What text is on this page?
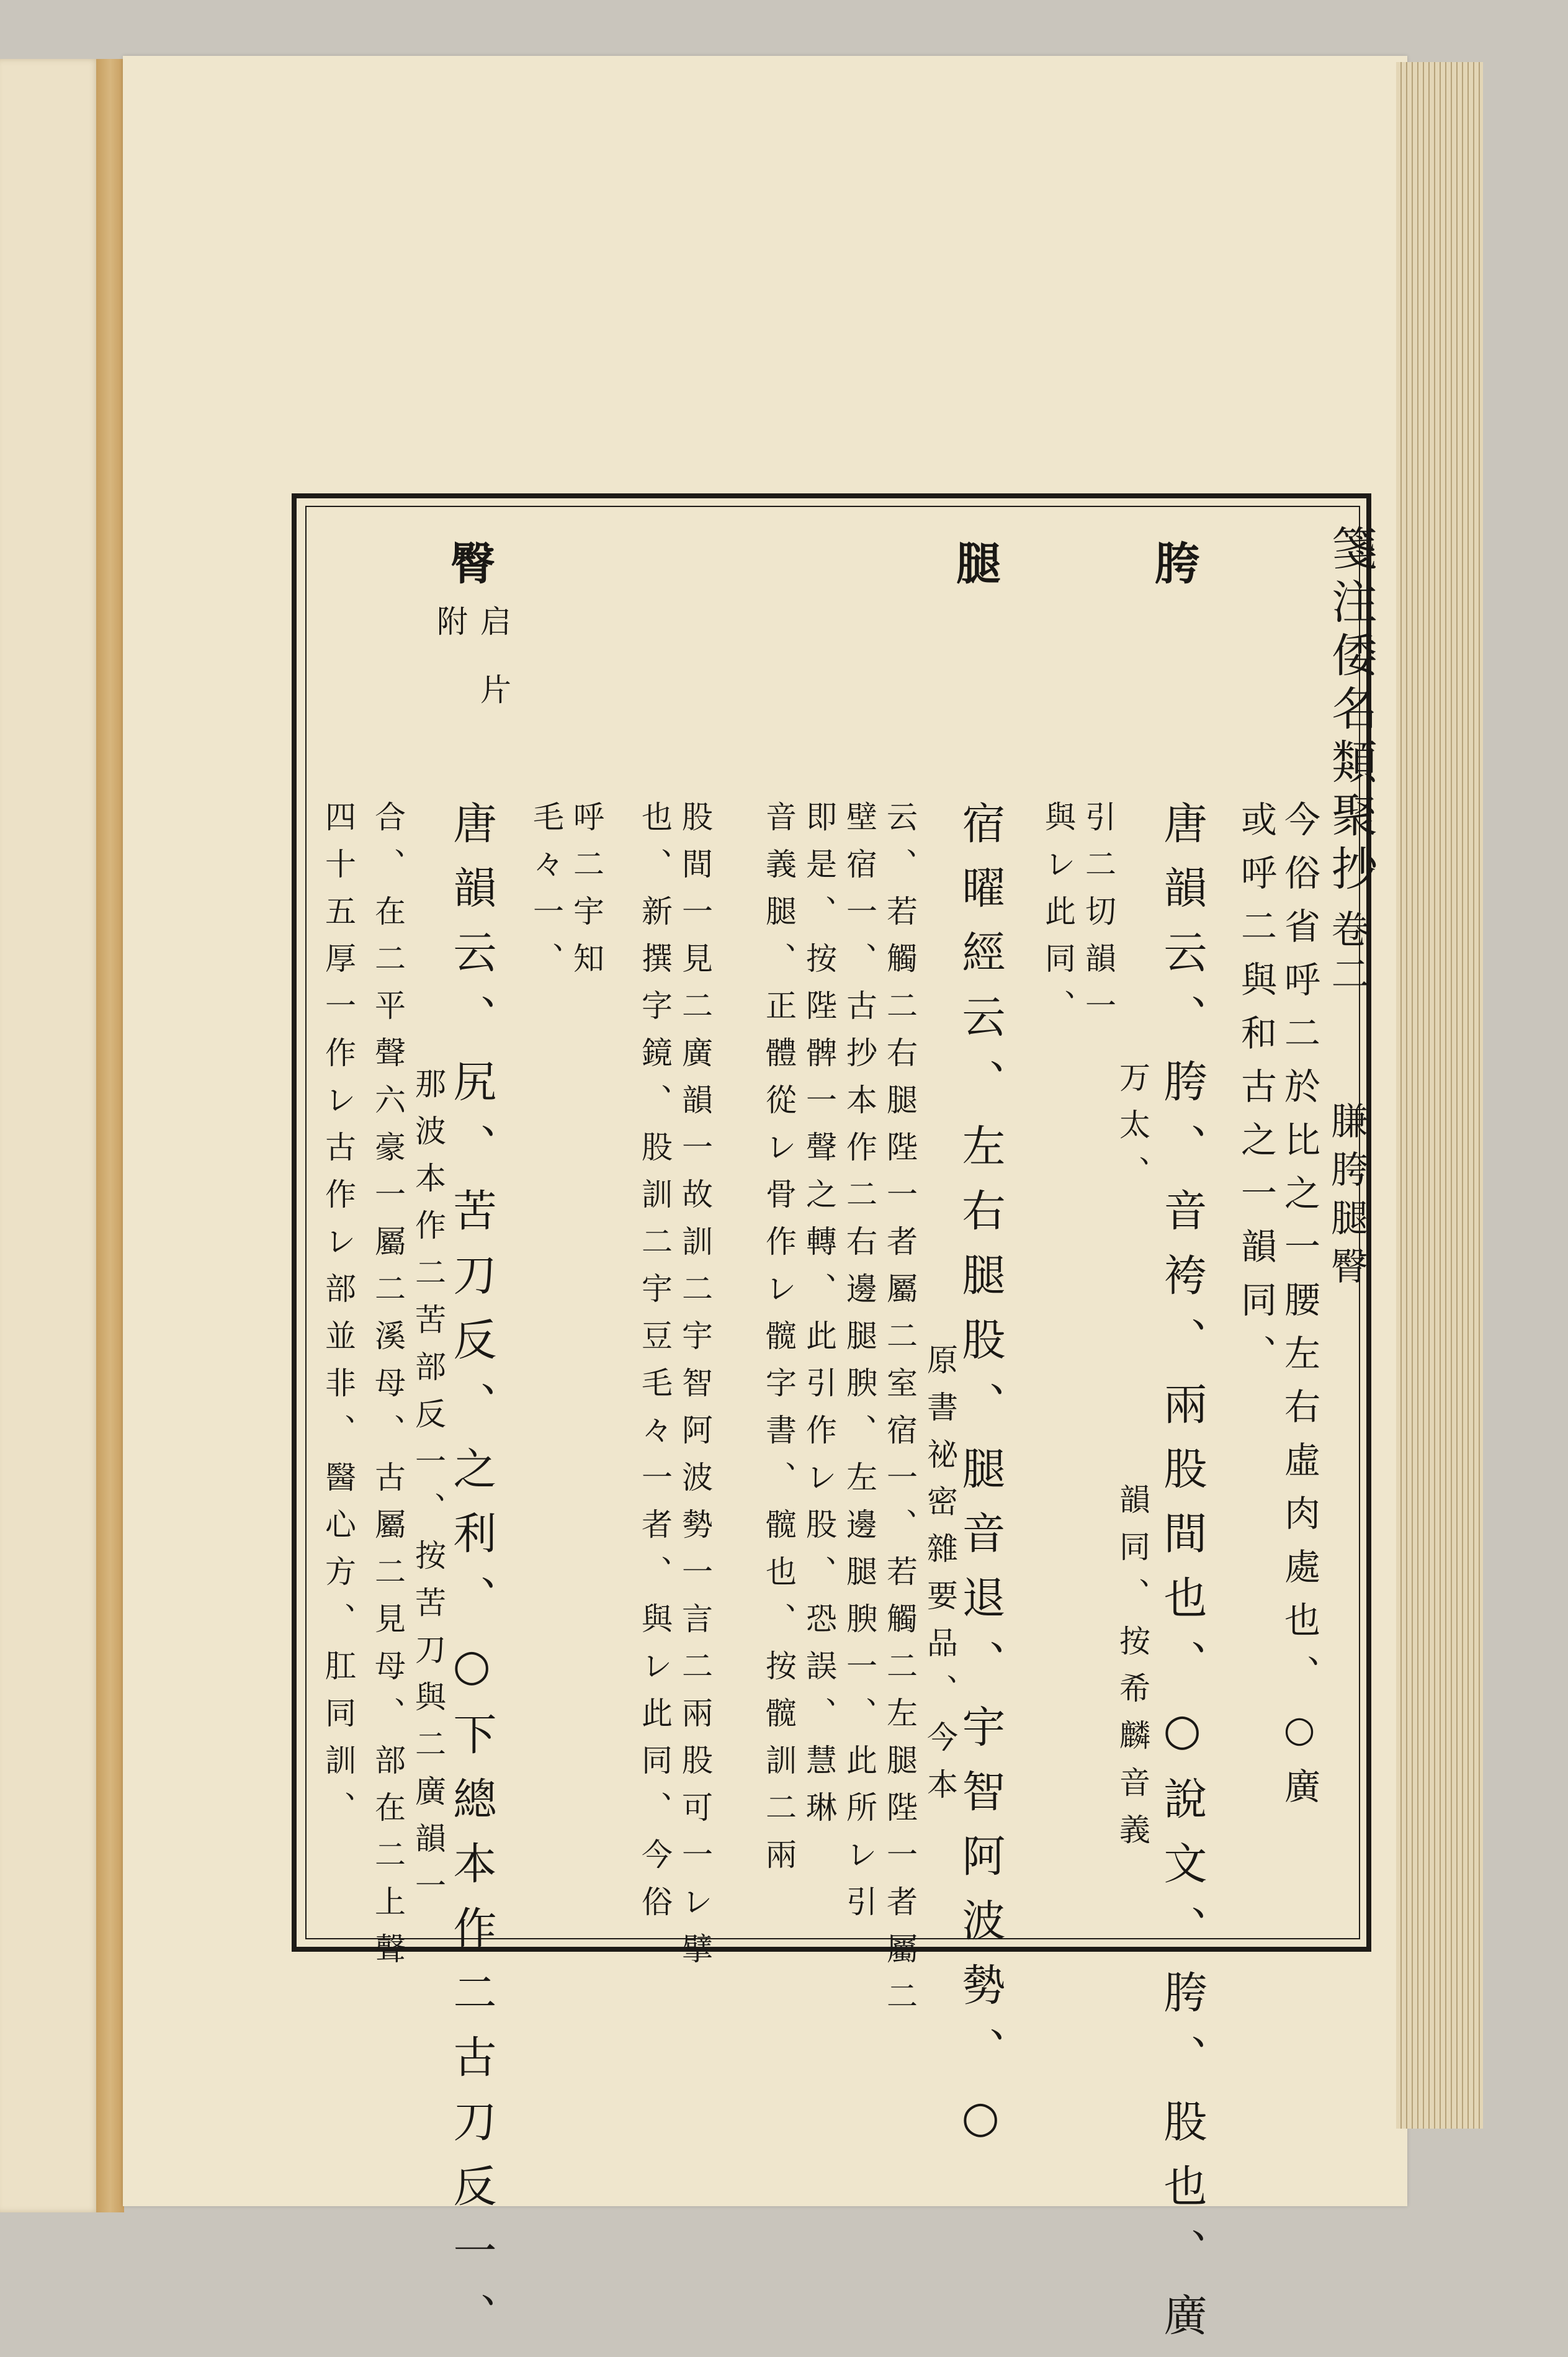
箋注倭名類聚抄
卷二
膁胯腿臀
胯
腿
臀
启
片
附
今俗省呼二於比之一腰左右虛肉處也、○廣
或呼二與和古之一韻同、
唐韻云、胯、音袴、兩股間也、○說文、胯、股也、廣
万太、
韻同、按希麟音義
引二切韻一
與レ此同、
宿曜經云、左右腿股、腿音退、宇智阿波勢、○
原書祕密雜要品、今本
云、若觸二右腿陛一者屬二室宿一、若觸二左腿陛一者屬二
壁宿一、古抄本作二右邊腿腴、左邊腿腴一、此所レ引
即是、按陛髀一聲之轉、此引作レ股、恐誤、慧琳
音義腿、正體從レ骨作レ髋字書、髋也、按髋訓二兩
股間一見二廣韻一故訓二宇智阿波勢一言二兩股可一レ擘
也、新撰字鏡、股訓二宇豆毛々一者、與レ此同、今俗
呼二宇知
毛々一、
唐韻云、尻、苦刀反、之利、○下總本作二古刀反一、
那波本作二苦部反一、按苦刀與二廣韻一
合、在二平聲六豪一屬二溪母、古屬二見母、部在二上聲
四十五厚一作レ古作レ部並非、醫心方、肛同訓、
